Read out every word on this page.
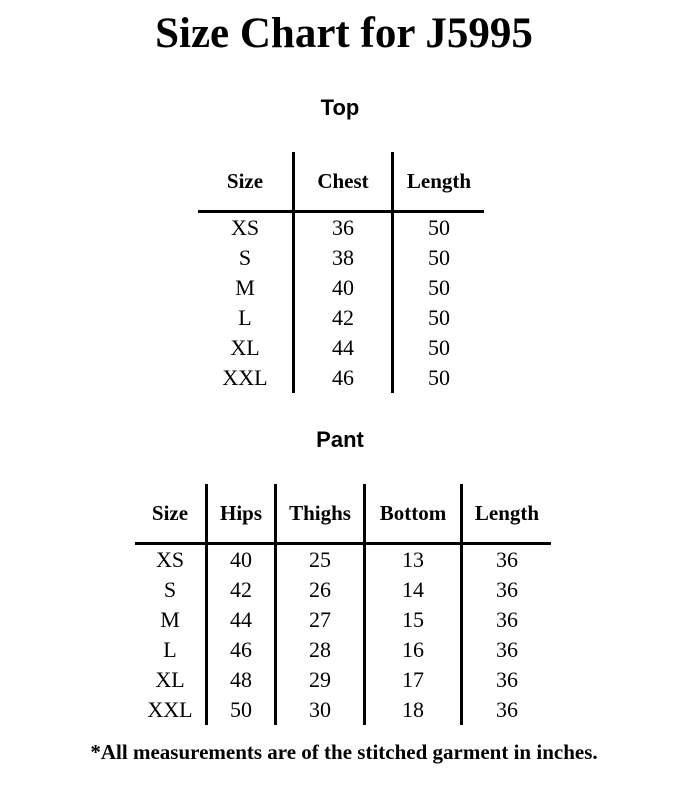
Size Chart for J5995
Top
Size	Chest	Length
XS	36	50
S	38	50
M	40	50
L	42	50
XL	44	50
XXL	46	50
Pant
Size	Hips	Thighs	Bottom	Length
XS	40	25	13	36
S	42	26	14	36
M	44	27	15	36
L	46	28	16	36
XL	48	29	17	36
XXL	50	30	18	36
*All measurements are of the stitched garment in inches.
